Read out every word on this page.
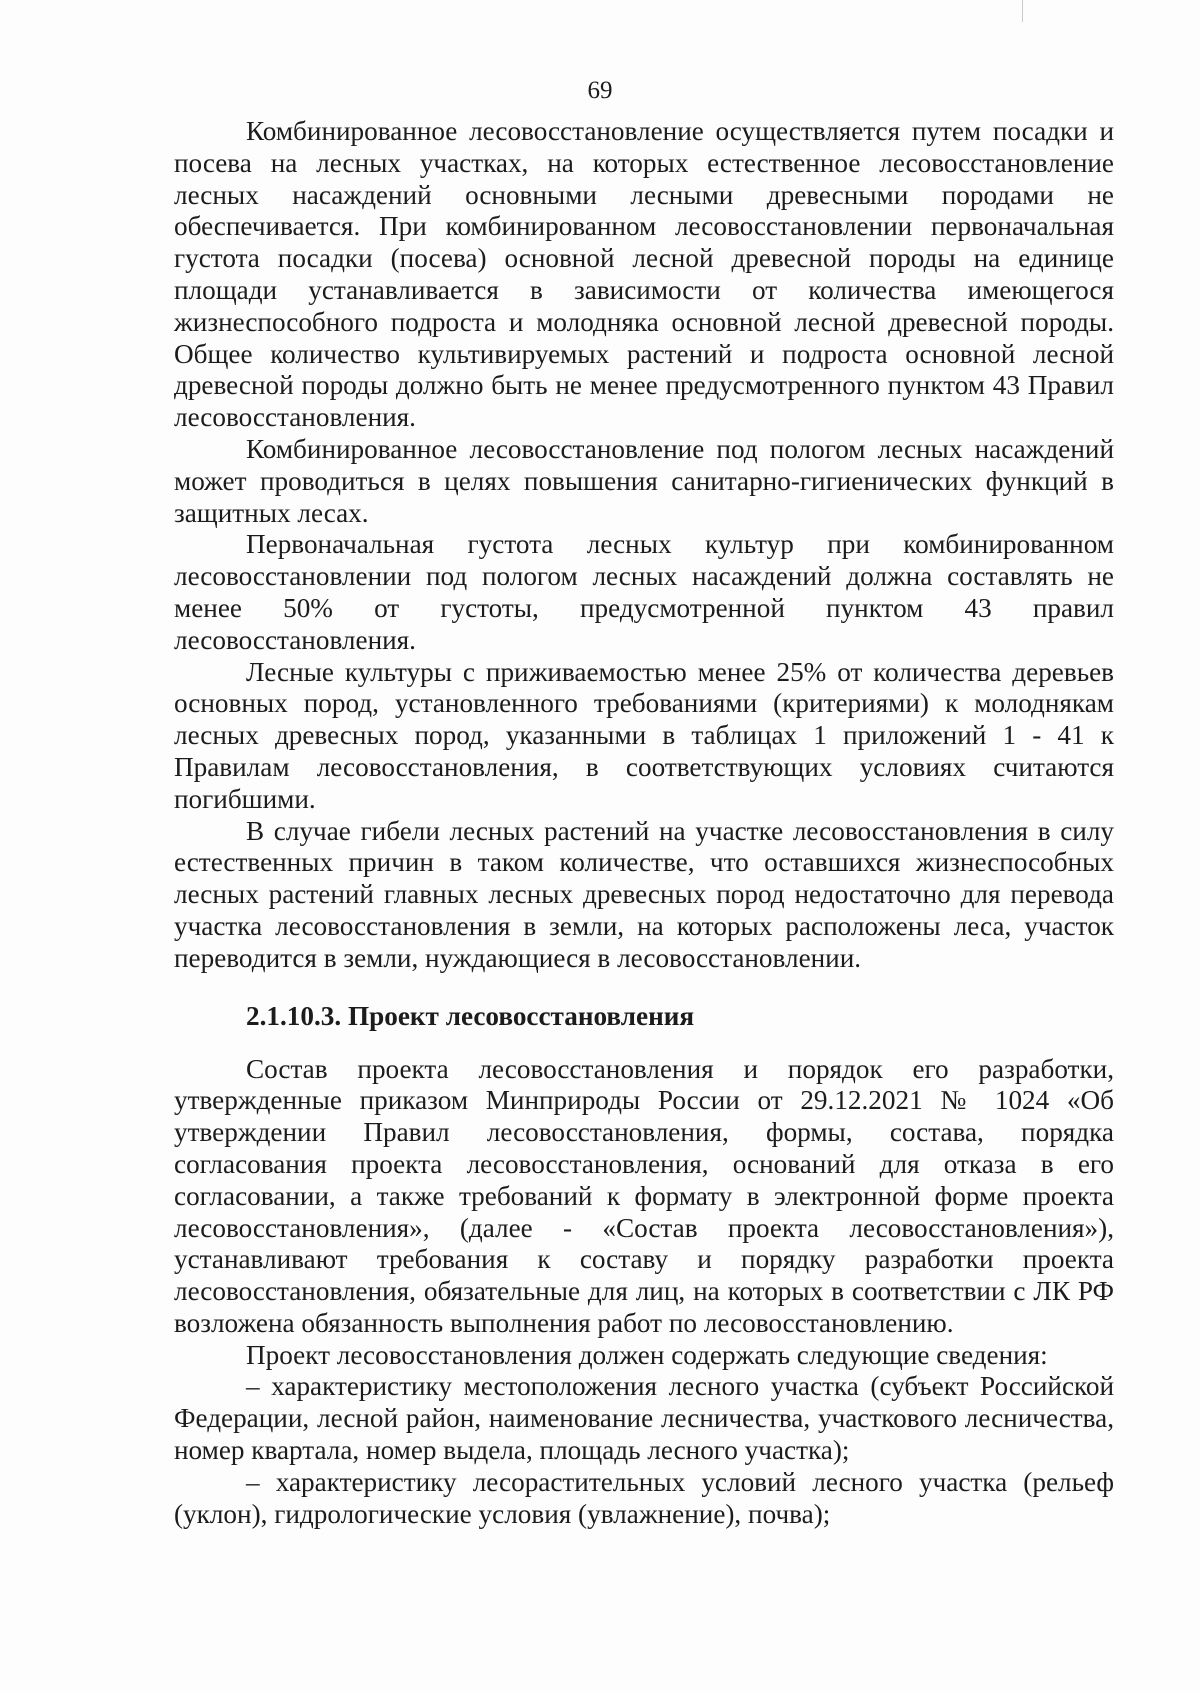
69

Комбинированное лесовосстановление осуществляется путем посадки и посева на лесных участках, на которых естественное лесовосстановление лесных насаждений основными лесными древесными породами не обеспечивается. При комбинированном лесовосстановлении первоначальная густота посадки (посева) основной лесной древесной породы на единице площади устанавливается в зависимости от количества имеющегося жизнеспособного подроста и молодняка основной лесной древесной породы. Общее количество культивируемых растений и подроста основной лесной древесной породы должно быть не менее предусмотренного пунктом 43 Правил лесовосстановления.

Комбинированное лесовосстановление под пологом лесных насаждений может проводиться в целях повышения санитарно-гигиенических функций в защитных лесах.

Первоначальная густота лесных культур при комбинированном лесовосстановлении под пологом лесных насаждений должна составлять не менее 50% от густоты, предусмотренной пунктом 43 правил лесовосстановления.

Лесные культуры с приживаемостью менее 25% от количества деревьев основных пород, установленного требованиями (критериями) к молоднякам лесных древесных пород, указанными в таблицах 1 приложений 1 - 41 к Правилам лесовосстановления, в соответствующих условиях считаются погибшими.

В случае гибели лесных растений на участке лесовосстановления в силу естественных причин в таком количестве, что оставшихся жизнеспособных лесных растений главных лесных древесных пород недостаточно для перевода участка лесовосстановления в земли, на которых расположены леса, участок переводится в земли, нуждающиеся в лесовосстановлении.

2.1.10.3. Проект лесовосстановления

Состав проекта лесовосстановления и порядок его разработки, утвержденные приказом Минприроды России от 29.12.2021 № 1024 «Об утверждении Правил лесовосстановления, формы, состава, порядка согласования проекта лесовосстановления, оснований для отказа в его согласовании, а также требований к формату в электронной форме проекта лесовосстановления», (далее - «Состав проекта лесовосстановления»), устанавливают требования к составу и порядку разработки проекта лесовосстановления, обязательные для лиц, на которых в соответствии с ЛК РФ возложена обязанность выполнения работ по лесовосстановлению.

Проект лесовосстановления должен содержать следующие сведения:

– характеристику местоположения лесного участка (субъект Российской Федерации, лесной район, наименование лесничества, участкового лесничества, номер квартала, номер выдела, площадь лесного участка);

– характеристику лесорастительных условий лесного участка (рельеф (уклон), гидрологические условия (увлажнение), почва);
